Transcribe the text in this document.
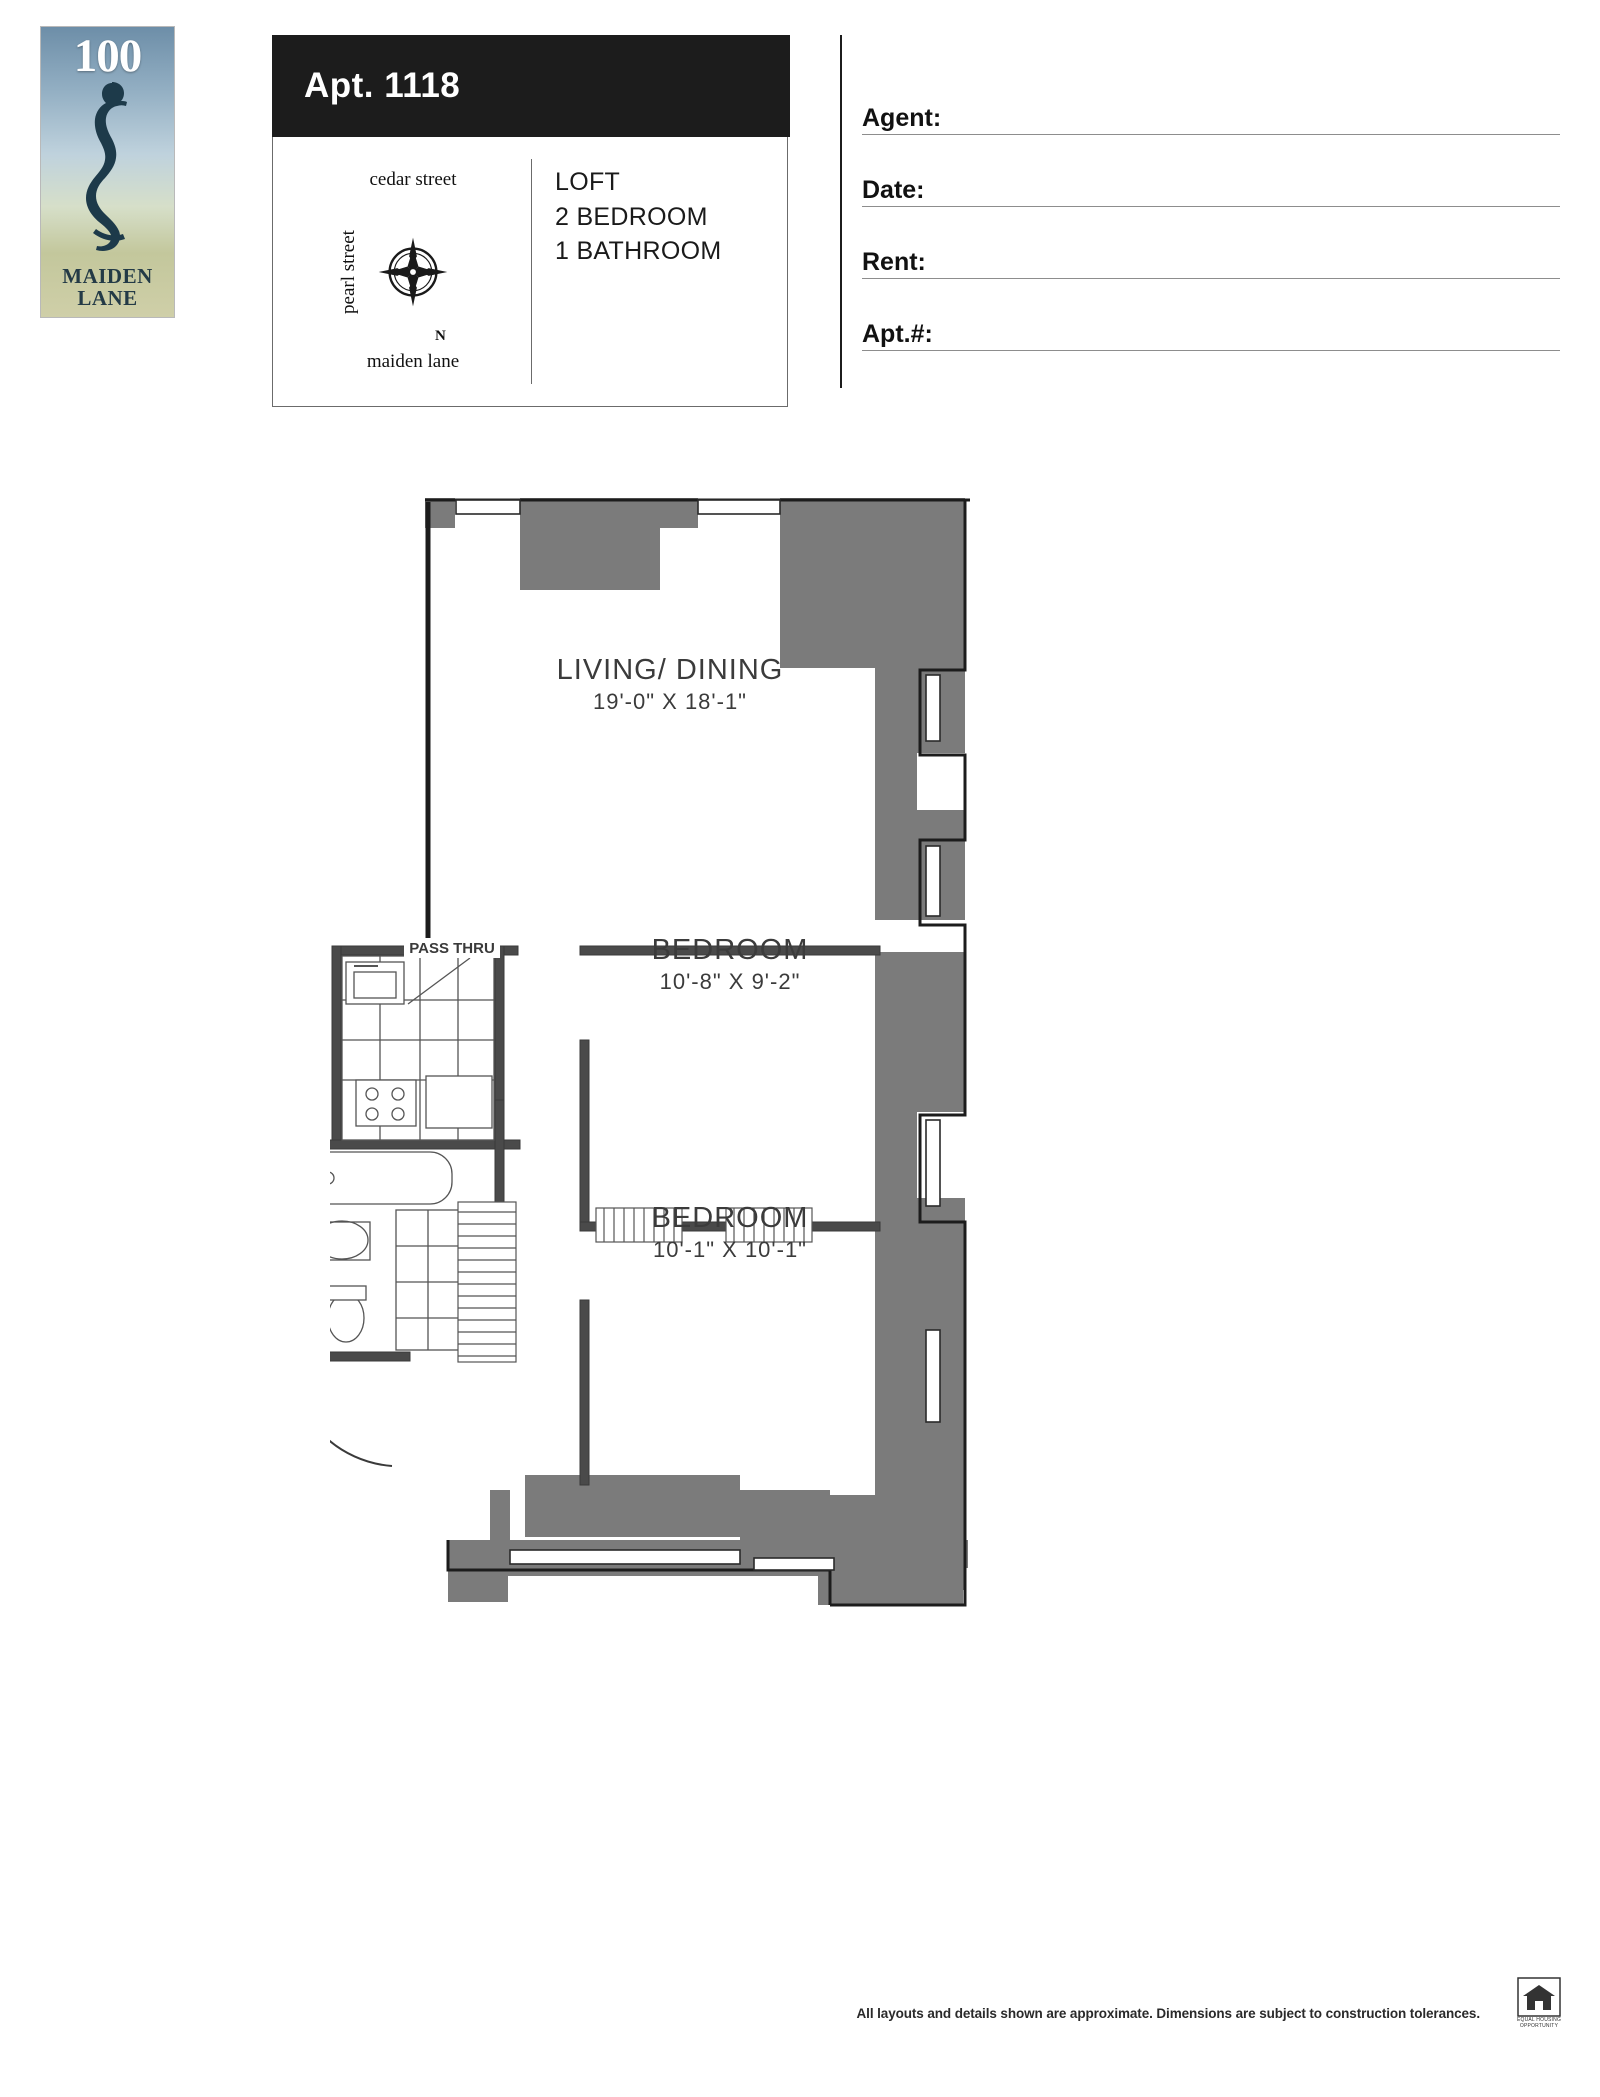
100
MAIDEN
LANE
Apt. 1118
cedar street
maiden lane
pearl street
N
LOFT
2 BEDROOM
1 BATHROOM
Agent:
Date:
Rent:
Apt.#:
PASS THRU
LIVING/ DINING
19'-0" X 18'-1"
BEDROOM
10'-8" X 9'-2"
BEDROOM
10'-1" X 10'-1"
All layouts and details shown are approximate. Dimensions are subject to construction tolerances.	EQUAL HOUSING
OPPORTUNITY
